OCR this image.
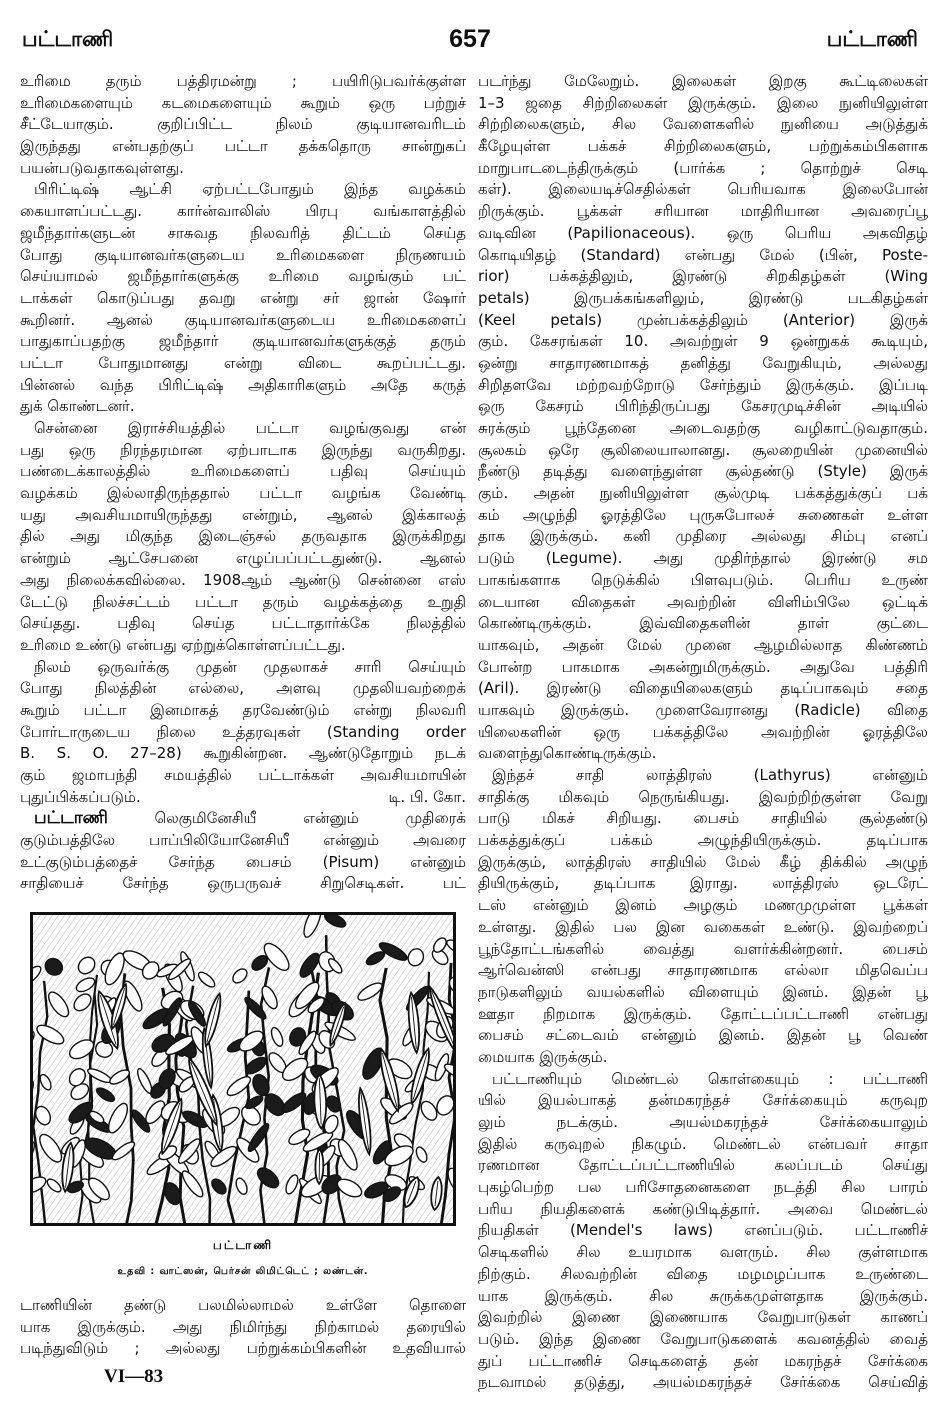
பட்டாணி	657	பட்டாணி
உரிமை தரும் பத்திரமன்று ; பயிரிடுபவர்க்குள்ள
உரிமைகளையும் கடமைகளையும் கூறும் ஒரு பற்றுச்
சீட்டேயாகும். குறிப்பிட்ட நிலம் குடியானவரிடம்
இருந்தது என்பதற்குப் பட்டா தக்கதொரு சான்றுகப்
பயன்படுவதாகவுள்ளது.
பிரிட்டிஷ் ஆட்சி ஏற்பட்டபோதும் இந்த வழக்கம்
கையாளப்பட்டது. கார்ன்வாலிஸ் பிரபு வங்காளத்தில்
ஜமீந்தார்களுடன் சாசுவத நிலவரித் திட்டம் செய்த
போது குடியானவர்களுடைய உரிமைகளை நிருணயம்
செய்யாமல் ஜமீந்தார்களுக்கு உரிமை வழங்கும் பட்
டாக்கள் கொடுப்பது தவறு என்று சர் ஜான் ஷோர்
கூறினர். ஆனல் குடியானவர்களுடைய உரிமைகளைப்
பாதுகாப்பதற்கு ஜமீந்தார் குடியானவர்களுக்குத் தரும்
பட்டா போதுமானது என்று விடை கூறப்பட்டது.
பின்னல் வந்த பிரிட்டிஷ் அதிகாரிகளும் அதே கருத்
துக் கொண்டனர்.
சென்னை இராச்சியத்தில் பட்டா வழங்குவது என்
பது ஒரு நிரந்தரமான ஏற்பாடாக இருந்து வருகிறது.
பண்டைக்காலத்தில் உரிமைகளைப் பதிவு செய்யும்
வழக்கம் இல்லாதிருந்ததால் பட்டா வழங்க வேண்டி
யது அவசியமாயிருந்தது என்றும், ஆனல் இக்காலத்
தில் அது மிகுந்த இடைஞ்சல் தருவதாக இருக்கிறது
என்றும் ஆட்சேபனை எழுப்பப்பட்டதுண்டு. ஆனல்
அது நிலைக்கவில்லை. 1908ஆம் ஆண்டு சென்னை எஸ்
டேட்டு நிலச்சட்டம் பட்டா தரும் வழக்கத்தை உறுதி
செய்தது. பதிவு செய்த பட்டாதார்க்கே நிலத்தில்
உரிமை உண்டு என்பது ஏற்றுக்கொள்ளப்பட்டது.
நிலம் ஒருவர்க்கு முதன் முதலாகச் சாரி செய்யும்
போது நிலத்தின் எல்லை, அளவு முதலியவற்றைக்
கூறும் பட்டா இனமாகத் தரவேண்டும் என்று நிலவரி
போர்டாருடைய நிலை உத்தரவுகள் (Standing order
B. S. O. 27–28) கூறுகின்றன. ஆண்டுதோறும் நடக்
கும் ஜமாபந்தி சமயத்தில் பட்டாக்கள் அவசியமாயின்
புதுப்பிக்கப்படும்.	டி. பி. கோ.
பட்டாணி	லெகுமினேசியீ என்னும் முதிரைக்
குடும்பத்திலே பாப்பிலியோனேசியீ என்னும் அவரை
உட்குடும்பத்தைச் சேர்ந்த பைசம் (Pisum) என்னும்
சாதியைச் சேர்ந்த ஒருபருவச் சிறுசெடிகள். பட்
பட்டாணி
உதவி : வாட்ஸன், பெர்சன் லிமிட்டெட் ; லண்டன்.
டாணியின் தண்டு பலமில்லாமல் உள்ளே தொளை
யாக இருக்கும். அது நிமிர்ந்து நிற்காமல் தரையில்
படிந்துவிடும் ; அல்லது பற்றுக்கம்பிகளின் உதவியால்
VI—83
படர்ந்து மேலேறும். இலைகள் இறகு கூட்டிலைகள்
1–3 ஜதை சிற்றிலைகள் இருக்கும். இலை நுனியிலுள்ள
சிற்றிலைகளும், சில வேளைகளில் நுனியை அடுத்துக்
கீழேயுள்ள பக்கச் சிற்றிலைகளும், பற்றுக்கம்பிகளாக
மாறுபாடடைந்திருக்கும் (பார்க்க ; தொற்றுச் செடி
கள்). இலையடிச்செதில்கள் பெரியவாக இலைபோன்
றிருக்கும். பூக்கள் சரியான மாதிரியான அவரைப்பூ
வடிவின (Papilionaceous). ஒரு பெரிய அகவிதழ்
கொடியிதழ் (Standard) என்பது மேல் (பின், Poste-
rior) பக்கத்திலும், இரண்டு சிறகிதழ்கள் (Wing
petals) இருபக்கங்களிலும், இரண்டு படகிதழ்கள்
(Keel petals) முன்பக்கத்திலும் (Anterior) இருக்
கும். கேசரங்கள் 10. அவற்றுள் 9 ஒன்றுகக் கூடியும்,
ஒன்று சாதாரணமாகத் தனித்து வேறுகியும், அல்லது
சிறிதளவே மற்றவற்றோடு சேர்ந்தும் இருக்கும். இப்படி
ஒரு கேசரம் பிரிந்திருப்பது கேசரமுடிச்சின் அடியில்
சுரக்கும் பூந்தேனை அடைவதற்கு வழிகாட்டுவதாகும்.
சூலகம் ஒரே சூலிலையாலானது. சூலறையின் முனையில்
நீண்டு தடித்து வளைந்துள்ள சூல்தண்டு (Style) இருக்
கும். அதன் நுனியிலுள்ள சூல்முடி பக்கத்துக்குப் பக்
கம் அழுந்தி ஓரத்திலே புருசுபோலச் சுணைகள் உள்ள
தாக இருக்கும். கனி முதிரை அல்லது சிம்பு எனப்
படும் (Legume). அது முதிர்ந்தால் இரண்டு சம
பாகங்களாக நெடுக்கில் பிளவுபடும். பெரிய உருண்
டையான விதைகள் அவற்றின் விளிம்பிலே ஒட்டிக்
கொண்டிருக்கும். இவ்விதைகளின் தாள் குட்டை
யாகவும், அதன் மேல் முனை ஆழமில்லாத கிண்ணம்
போன்ற பாகமாக அகன்றுமிருக்கும். அதுவே பத்திரி
(Aril). இரண்டு விதையிலைகளும் தடிப்பாகவும் சதை
யாகவும் இருக்கும். முளைவேரானது (Radicle) விதை
யிலைகளின் ஒரு பக்கத்திலே அவற்றின் ஓரத்திலே
வளைந்துகொண்டிருக்கும்.
இந்தச் சாதி லாத்திரஸ் (Lathyrus) என்னும்
சாதிக்கு மிகவும் நெருங்கியது. இவற்றிற்குள்ள வேறு
பாடு மிகச் சிறியது. பைசம் சாதியில் சூல்தண்டு
பக்கத்துக்குப் பக்கம் அழுந்தியிருக்கும். தடிப்பாக
இருக்கும், லாத்திரஸ் சாதியில் மேல் கீழ் திக்கில் அழுந்
தியிருக்கும், தடிப்பாக இராது. லாத்திரஸ் ஒடரேட்
டஸ் என்னும் இனம் அழகும் மணமுமுள்ள பூக்கள்
உள்ளது. இதில் பல இன வகைகள் உண்டு. இவற்றைப்
பூந்தோட்டங்களில் வைத்து வளர்க்கின்றனர். பைசம்
ஆர்வென்ஸி என்பது சாதாரணமாக எல்லா மிதவெப்ப
நாடுகளிலும் வயல்களில் விளையும் இனம். இதன் பூ
ஊதா நிறமாக இருக்கும். தோட்டப்பட்டாணி என்பது
பைசம் சட்டைவம் என்னும் இனம். இதன் பூ வெண்
மையாக இருக்கும்.
பட்டாணியும் மெண்டல் கொள்கையும் : பட்டாணி
யில் இயல்பாகத் தன்மகரந்தச் சேர்க்கையும் கருவுற
லும் நடக்கும். அயல்மகரந்தச் சேர்க்கையாலும்
இதில் கருவுறல் நிகழும். மெண்டல் என்பவர் சாதா
ரணமான தோட்டப்பட்டாணியில் கலப்படம் செய்து
புகழ்பெற்ற பல பரிசோதனைகளை நடத்தி சில பாரம்
பரிய நியதிகளைக் கண்டுபிடித்தார். அவை மெண்டல்
நியதிகள் (Mendel's laws) எனப்படும். பட்டாணிச்
செடிகளில் சில உயரமாக வளரும். சில குள்ளமாக
நிற்கும். சிலவற்றின் விதை மழமழப்பாக உருண்டை
யாக இருக்கும். சில சுருக்கமுள்ளதாக இருக்கும்.
இவற்றில் இணை இணையாக வேறுபாடுகள் காணப்
படும். இந்த இணை வேறுபாடுகளைக் கவனத்தில் வைத்
துப் பட்டாணிச் செடிகளைத் தன் மகரந்தச் சேர்க்கை
நடவாமல் தடுத்து, அயல்மகரந்தச் சேர்க்கை செய்வித்
